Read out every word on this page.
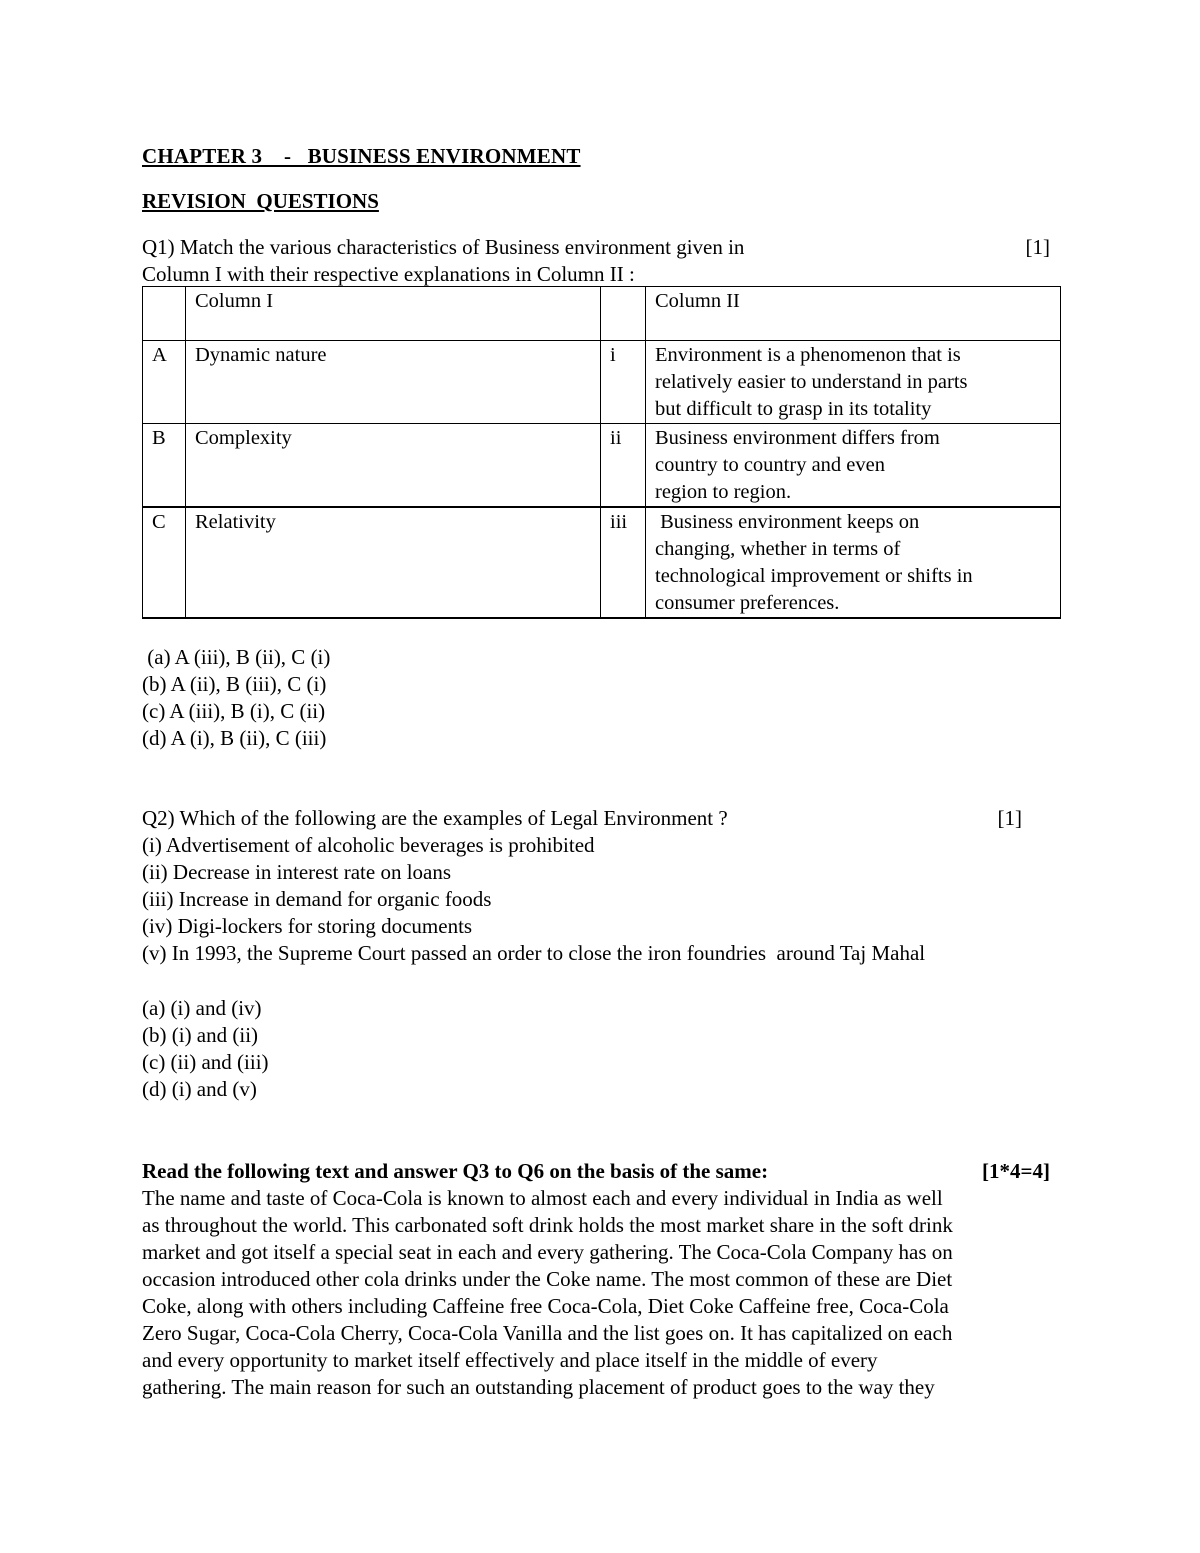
CHAPTER 3    -   BUSINESS ENVIRONMENT
REVISION  QUESTIONS
Q1) Match the various characteristics of Business environment given in	[1]
Column I with their respective explanations in Column II :
	Column I		Column II
A	Dynamic nature	i	Environment is a phenomenon that is
relatively easier to understand in parts
but difficult to grasp in its totality

B	Complexity	ii	Business environment differs from
country to country and even
region to region.

C	Relativity	iii	Business environment keeps on
changing, whether in terms of
technological improvement or shifts in
consumer preferences.
(a) A (iii), B (ii), C (i)
(b) A (ii), B (iii), C (i)
(c) A (iii), B (i), C (ii)
(d) A (i), B (ii), C (iii)
Q2) Which of the following are the examples of Legal Environment ?	[1]
(i) Advertisement of alcoholic beverages is prohibited
(ii) Decrease in interest rate on loans
(iii) Increase in demand for organic foods
(iv) Digi-lockers for storing documents
(v) In 1993, the Supreme Court passed an order to close the iron foundries  around Taj Mahal
(a) (i) and (iv)
(b) (i) and (ii)
(c) (ii) and (iii)
(d) (i) and (v)
Read the following text and answer Q3 to Q6 on the basis of the same:	[1*4=4]
The name and taste of Coca-Cola is known to almost each and every individual in India as well
as throughout the world. This carbonated soft drink holds the most market share in the soft drink
market and got itself a special seat in each and every gathering. The Coca-Cola Company has on
occasion introduced other cola drinks under the Coke name. The most common of these are Diet
Coke, along with others including Caffeine free Coca-Cola, Diet Coke Caffeine free, Coca-Cola
Zero Sugar, Coca-Cola Cherry, Coca-Cola Vanilla and the list goes on. It has capitalized on each
and every opportunity to market itself effectively and place itself in the middle of every
gathering. The main reason for such an outstanding placement of product goes to the way they
